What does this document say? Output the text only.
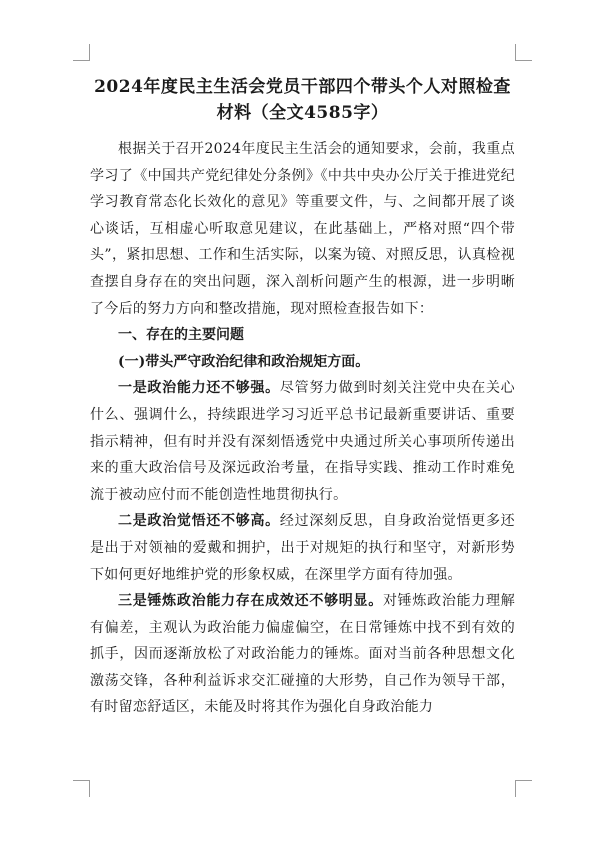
2024年度民主生活会党员干部四个带头个人对照检查材料（全文4585字）

根据关于召开2024年度民主生活会的通知要求，会前，我重点学习了《中国共产党纪律处分条例》《中共中央办公厅关于推进党纪学习教育常态化长效化的意见》等重要文件，与、之间都开展了谈心谈话，互相虚心听取意见建议，在此基础上，严格对照“四个带头”，紧扣思想、工作和生活实际，以案为镜、对照反思，认真检视查摆自身存在的突出问题，深入剖析问题产生的根源，进一步明晰了今后的努力方向和整改措施，现对照检查报告如下：

一、存在的主要问题

(一)带头严守政治纪律和政治规矩方面。

一是政治能力还不够强。尽管努力做到时刻关注党中央在关心什么、强调什么，持续跟进学习习近平总书记最新重要讲话、重要指示精神，但有时并没有深刻悟透党中央通过所关心事项所传递出来的重大政治信号及深远政治考量，在指导实践、推动工作时难免流于被动应付而不能创造性地贯彻执行。

二是政治觉悟还不够高。经过深刻反思，自身政治觉悟更多还是出于对领袖的爱戴和拥护，出于对规矩的执行和坚守，对新形势下如何更好地维护党的形象权威，在深里学方面有待加强。

三是锤炼政治能力存在成效还不够明显。对锤炼政治能力理解有偏差，主观认为政治能力偏虚偏空，在日常锤炼中找不到有效的抓手，因而逐渐放松了对政治能力的锤炼。面对当前各种思想文化激荡交锋，各种利益诉求交汇碰撞的大形势，自己作为领导干部，有时留恋舒适区，未能及时将其作为强化自身政治能力
